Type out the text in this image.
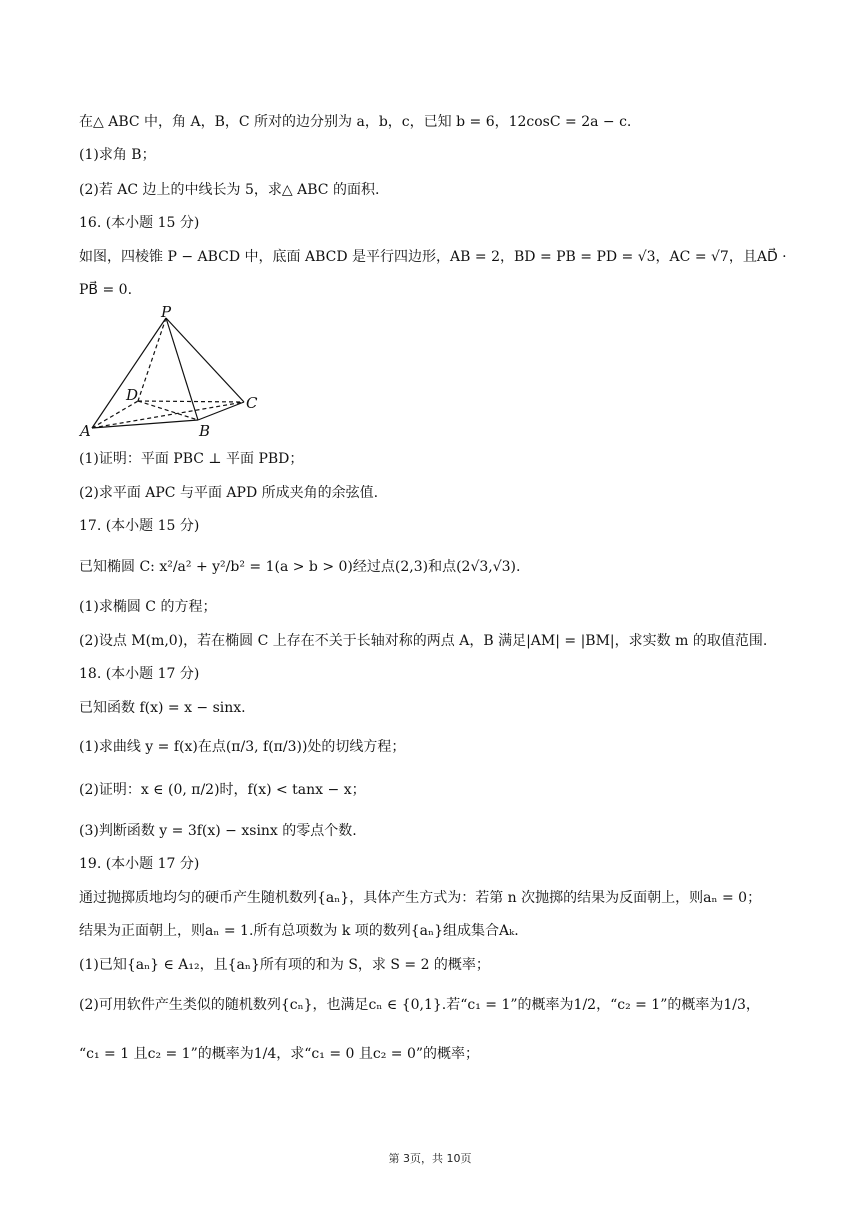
在△ ABC 中，角 A，B，C 所对的边分别为 a，b，c，已知 b = 6，12cosC = 2a − c.
(1)求角 B；
(2)若 AC 边上的中线长为 5，求△ ABC 的面积.
16. (本小题 15 分)
如图，四棱锥 P − ABCD 中，底面 ABCD 是平行四边形，AB = 2，BD = PB = PD = √3，AC = √7，且AD⃗ ·
PB⃗ = 0.
P
D	C
A	B
(1)证明：平面 PBC ⊥ 平面 PBD；
(2)求平面 APC 与平面 APD 所成夹角的余弦值.
17. (本小题 15 分)
已知椭圆 C: x²/a² + y²/b² = 1(a > b > 0)经过点(2,3)和点(2√3,√3).
(1)求椭圆 C 的方程；
(2)设点 M(m,0)，若在椭圆 C 上存在不关于长轴对称的两点 A，B 满足|AM| = |BM|，求实数 m 的取值范围.
18. (本小题 17 分)
已知函数 f(x) = x − sinx.
(1)求曲线 y = f(x)在点(π/3, f(π/3))处的切线方程；
(2)证明：x ∈ (0, π/2)时，f(x) < tanx − x；
(3)判断函数 y = 3f(x) − xsinx 的零点个数.
19. (本小题 17 分)
通过抛掷质地均匀的硬币产生随机数列{aₙ}，具体产生方式为：若第 n 次抛掷的结果为反面朝上，则aₙ = 0；
结果为正面朝上，则aₙ = 1.所有总项数为 k 项的数列{aₙ}组成集合Aₖ.
(1)已知{aₙ} ∈ A₁₂，且{aₙ}所有项的和为 S，求 S = 2 的概率；
(2)可用软件产生类似的随机数列{cₙ}，也满足cₙ ∈ {0,1}.若“c₁ = 1”的概率为1/2，“c₂ = 1”的概率为1/3，
“c₁ = 1 且c₂ = 1”的概率为1/4，求“c₁ = 0 且c₂ = 0”的概率；
第 3页，共 10页
